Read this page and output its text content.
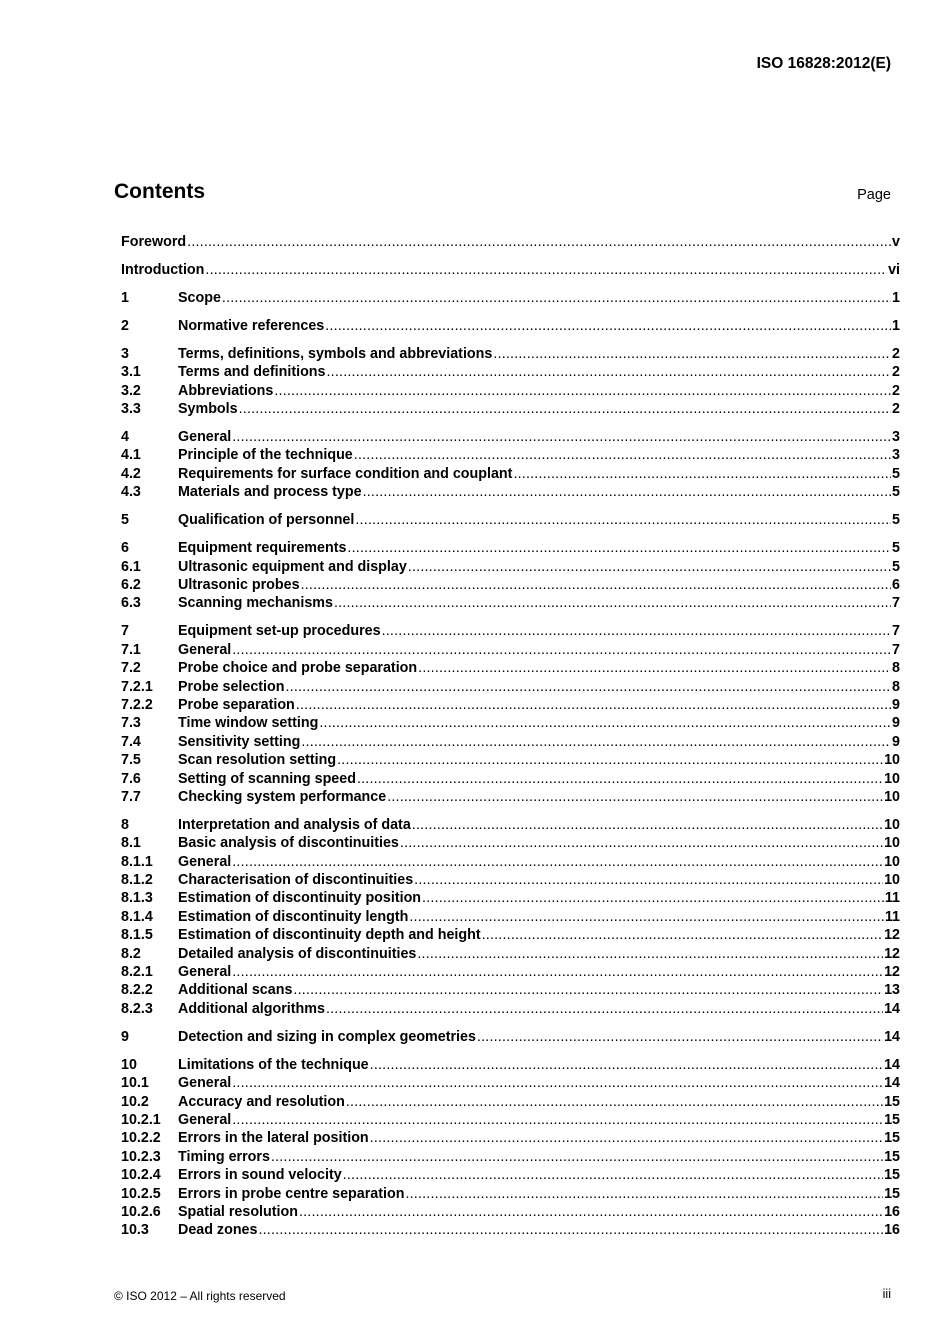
ISO 16828:2012(E)
Contents	Page
Foreword .....	v
Introduction .....	vi
1	Scope .....	1
2	Normative references .....	1
3	Terms, definitions, symbols and abbreviations .....	2
3.1	Terms and definitions .....	2
3.2	Abbreviations .....	2
3.3	Symbols .....	2
4	General .....	3
4.1	Principle of the technique .....	3
4.2	Requirements for surface condition and couplant .....	5
4.3	Materials and process type .....	5
5	Qualification of personnel .....	5
6	Equipment requirements .....	5
6.1	Ultrasonic equipment and display .....	5
6.2	Ultrasonic probes .....	6
6.3	Scanning mechanisms .....	7
7	Equipment set-up procedures .....	7
7.1	General .....	7
7.2	Probe choice and probe separation .....	8
7.2.1	Probe selection .....	8
7.2.2	Probe separation .....	9
7.3	Time window setting .....	9
7.4	Sensitivity setting .....	9
7.5	Scan resolution setting .....	10
7.6	Setting of scanning speed .....	10
7.7	Checking system performance .....	10
8	Interpretation and analysis of data .....	10
8.1	Basic analysis of discontinuities .....	10
8.1.1	General .....	10
8.1.2	Characterisation of discontinuities .....	10
8.1.3	Estimation of discontinuity position .....	11
8.1.4	Estimation of discontinuity length .....	11
8.1.5	Estimation of discontinuity depth and height .....	12
8.2	Detailed analysis of discontinuities .....	12
8.2.1	General .....	12
8.2.2	Additional scans .....	13
8.2.3	Additional algorithms .....	14
9	Detection and sizing in complex geometries .....	14
10	Limitations of the technique .....	14
10.1	General .....	14
10.2	Accuracy and resolution .....	15
10.2.1	General .....	15
10.2.2	Errors in the lateral position .....	15
10.2.3	Timing errors .....	15
10.2.4	Errors in sound velocity .....	15
10.2.5	Errors in probe centre separation .....	15
10.2.6	Spatial resolution .....	16
10.3	Dead zones .....	16
© ISO 2012 – All rights reserved	iii
